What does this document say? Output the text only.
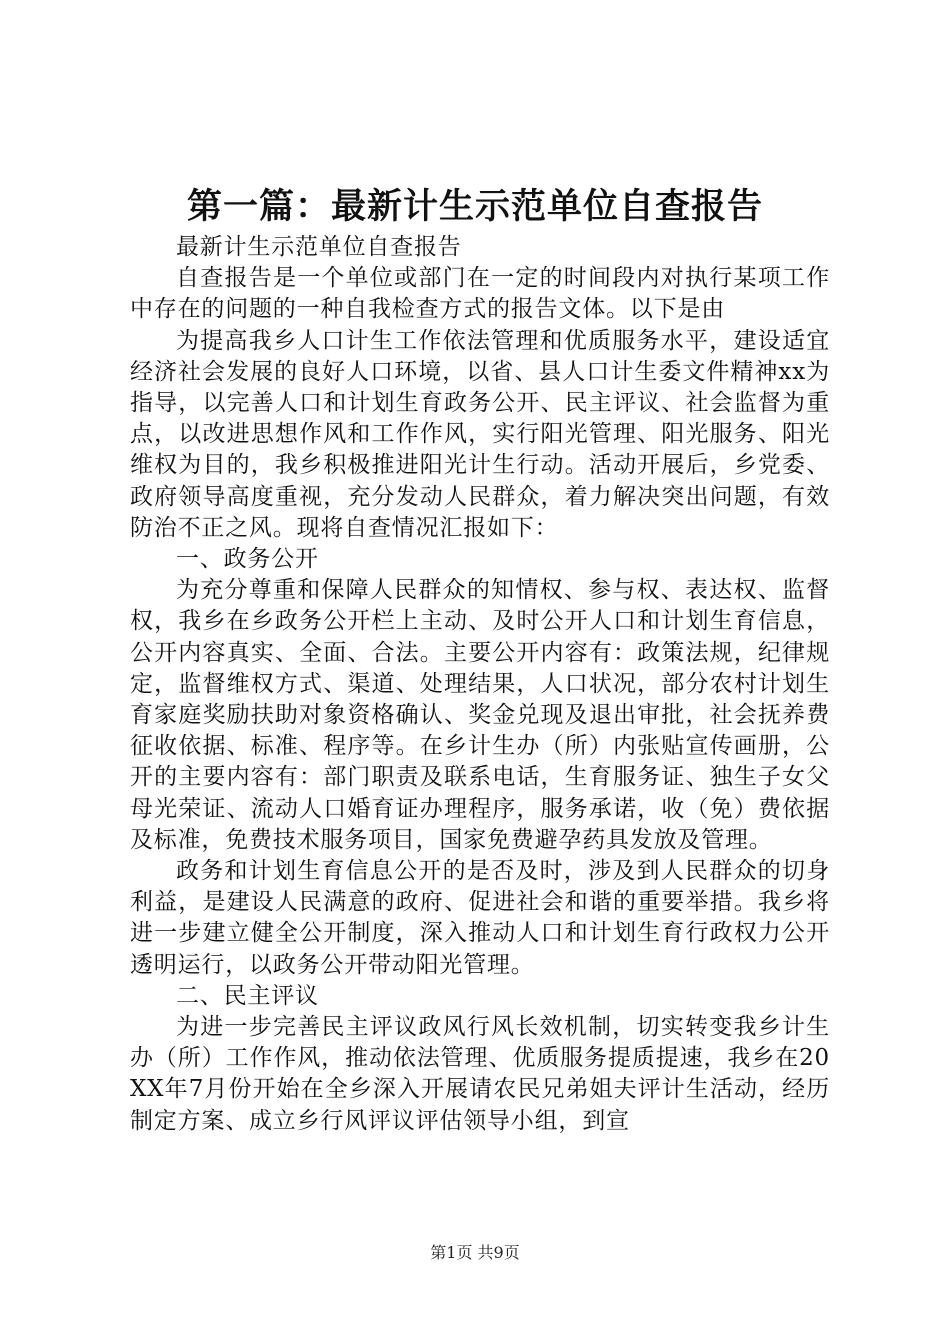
第一篇：最新计生示范单位自查报告

最新计生示范单位自查报告

自查报告是一个单位或部门在一定的时间段内对执行某项工作中存在的问题的一种自我检查方式的报告文体。以下是由

为提高我乡人口计生工作依法管理和优质服务水平，建设适宜经济社会发展的良好人口环境，以省、县人口计生委文件精神xx为指导，以完善人口和计划生育政务公开、民主评议、社会监督为重点，以改进思想作风和工作作风，实行阳光管理、阳光服务、阳光维权为目的，我乡积极推进阳光计生行动。活动开展后，乡党委、政府领导高度重视，充分发动人民群众，着力解决突出问题，有效防治不正之风。现将自查情况汇报如下：

一、政务公开

为充分尊重和保障人民群众的知情权、参与权、表达权、监督权，我乡在乡政务公开栏上主动、及时公开人口和计划生育信息，公开内容真实、全面、合法。主要公开内容有：政策法规，纪律规定，监督维权方式、渠道、处理结果，人口状况，部分农村计划生育家庭奖励扶助对象资格确认、奖金兑现及退出审批，社会抚养费征收依据、标准、程序等。在乡计生办（所）内张贴宣传画册，公开的主要内容有：部门职责及联系电话，生育服务证、独生子女父母光荣证、流动人口婚育证办理程序，服务承诺，收（免）费依据及标准，免费技术服务项目，国家免费避孕药具发放及管理。

政务和计划生育信息公开的是否及时，涉及到人民群众的切身利益，是建设人民满意的政府、促进社会和谐的重要举措。我乡将进一步建立健全公开制度，深入推动人口和计划生育行政权力公开透明运行，以政务公开带动阳光管理。

二、民主评议

为进一步完善民主评议政风行风长效机制，切实转变我乡计生办（所）工作作风，推动依法管理、优质服务提质提速，我乡在20XX年7月份开始在全乡深入开展请农民兄弟姐夫评计生活动，经历制定方案、成立乡行风评议评估领导小组，到宣

第1页 共9页
